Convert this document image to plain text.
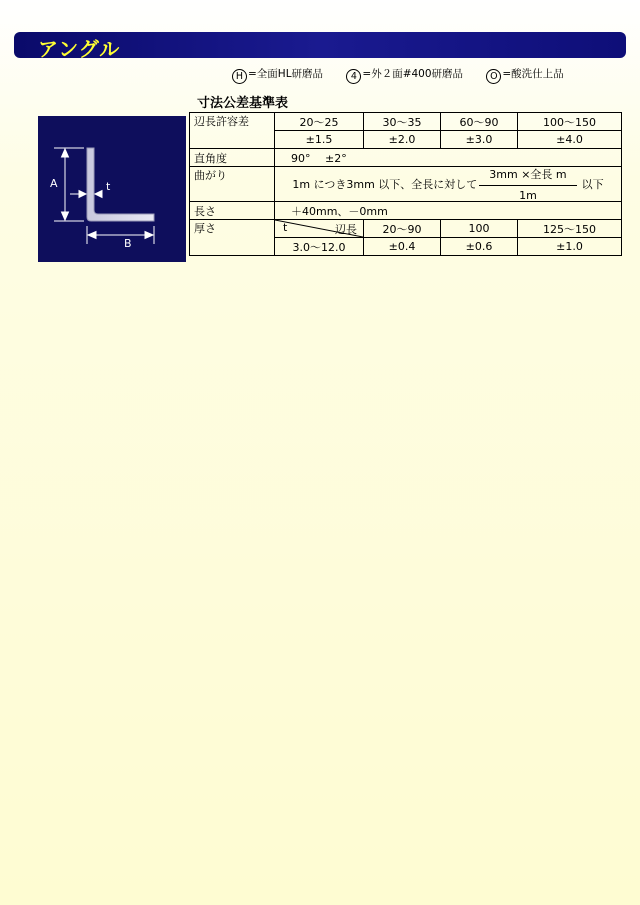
アングル
H =全面HL研磨品	4 =外２面#400研磨品	O =酸洗仕上品
寸法公差基準表
A
B
t
辺長許容差	20～25	30～35	60～90	100～150
	±1.5	±2.0	±3.0	±4.0
直角度	90°　 ±2°			
曲がり	1m につき3mm 以下、全長に対して $\frac{\text{3mm ×全長 m}}{1m}$ 以下			

長さ	＋40mm、－0mm			
厚さ	t 辺長	20～90	100	125～150
	3.0～12.0	±0.4	±0.6	±1.0
